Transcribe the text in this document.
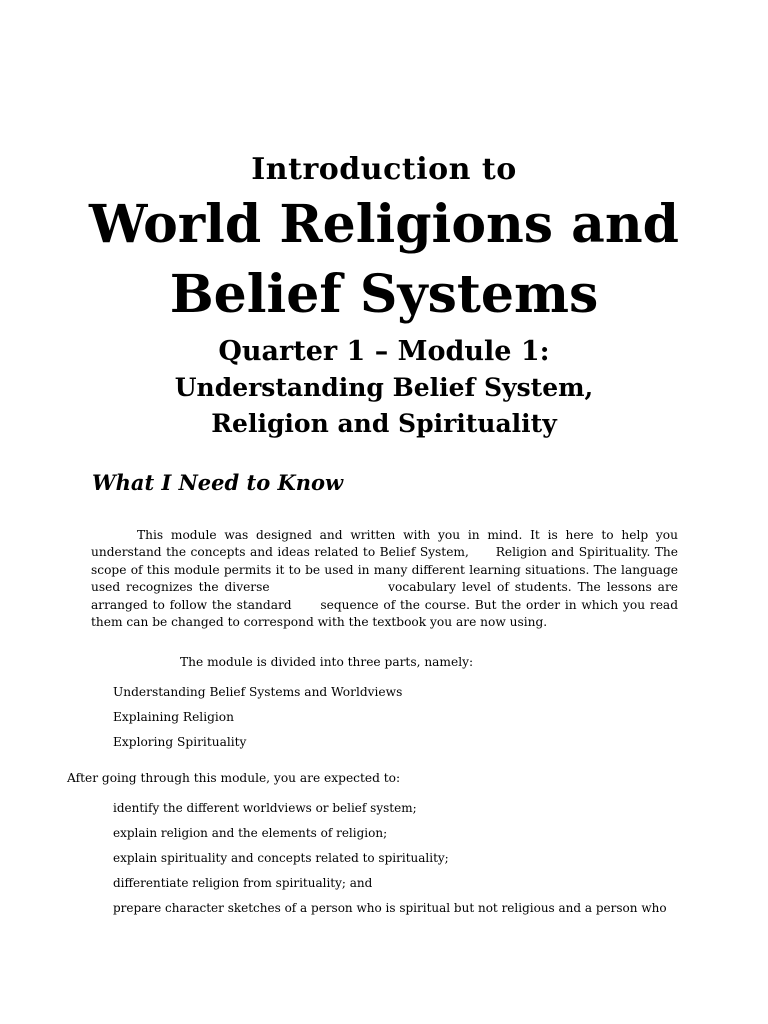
Introduction to

World Religions and

Belief Systems

Quarter 1 – Module 1:

Understanding Belief System,

Religion and Spirituality

What I Need to Know

This module was designed and written with you in mind. It is here to help you understand the concepts and ideas related to Belief System,      Religion and Spirituality. The scope of this module permits it to be used in many different learning situations. The language used recognizes the diverse                    vocabulary level of students. The lessons are arranged to follow the standard      sequence of the course. But the order in which you read them can be changed to correspond with the textbook you are now using.

The module is divided into three parts, namely:

Understanding Belief Systems and Worldviews
Explaining Religion
Exploring Spirituality

After going through this module, you are expected to:

identify the different worldviews or belief system;
explain religion and the elements of religion;
explain spirituality and concepts related to spirituality;
differentiate religion from spirituality; and
prepare character sketches of a person who is spiritual but not religious and a person who
